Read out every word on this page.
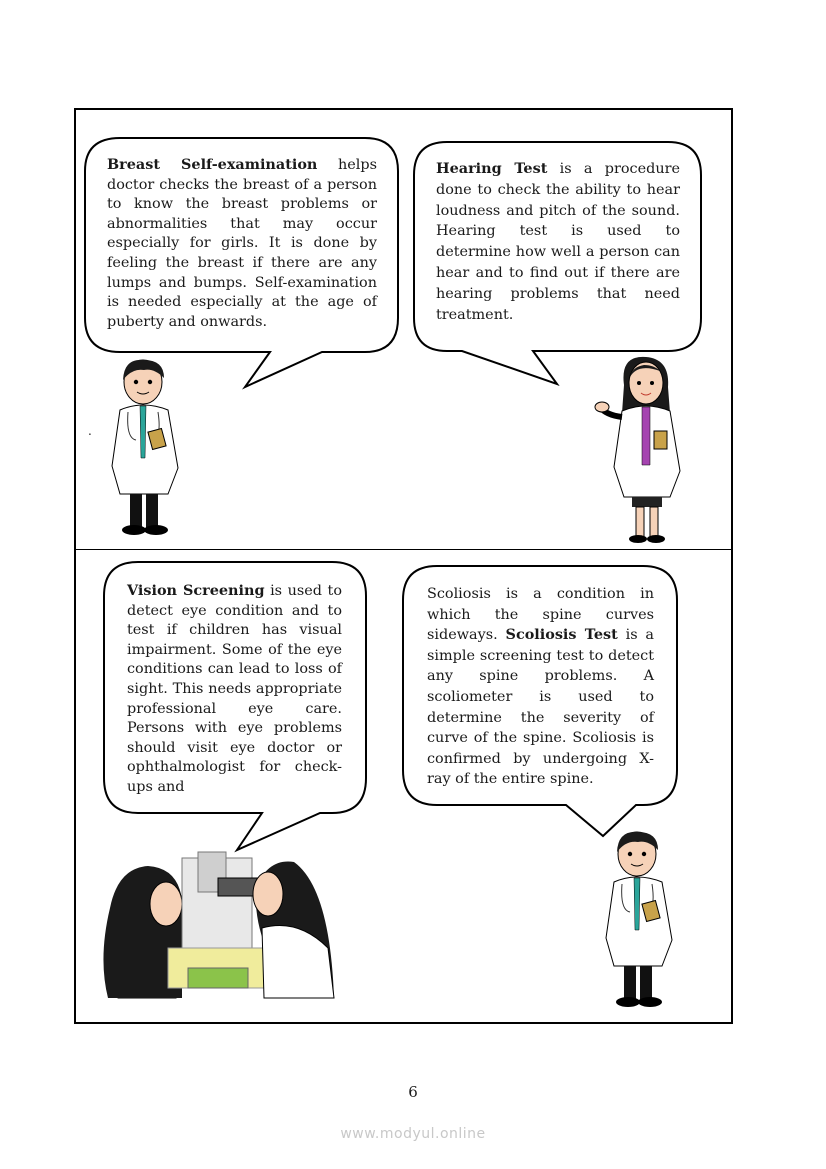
Breast Self-examination helps doctor checks the breast of a person to know the breast problems or abnormalities that may occur especially for girls. It is done by feeling the breast if there are any lumps and bumps. Self-examination is needed especially at the age of puberty and onwards.

Hearing Test is a procedure done to check the ability to hear loudness and pitch of the sound. Hearing test is used to determine how well a person can hear and to find out if there are hearing problems that need treatment.

Vision Screening is used to detect eye condition and to test if children has visual impairment. Some of the eye conditions can lead to loss of sight. This needs appropriate professional eye care. Persons with eye problems should visit eye doctor or ophthalmologist for check-ups and

Scoliosis is a condition in which the spine curves sideways. Scoliosis Test is a simple screening test to detect any spine problems. A scoliometer is used to determine the severity of curve of the spine. Scoliosis is confirmed by undergoing X-ray of the entire spine.

.
6
www.modyul.online
